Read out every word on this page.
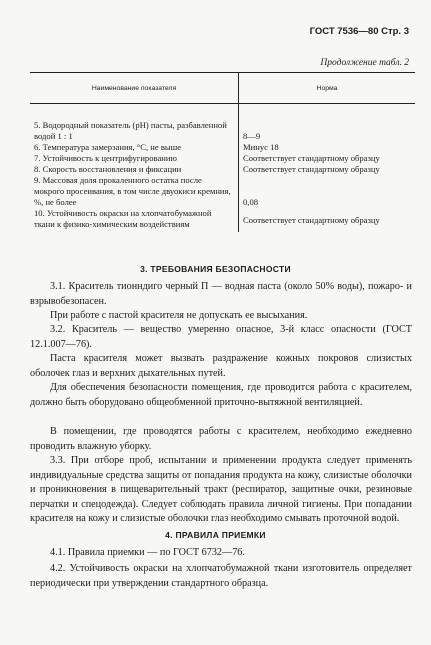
ГОСТ 7536—80 Стр. 3
Продолжение табл. 2
Наименование показателя	Норма

5. Водородный показатель (рН) пасты, разбавленной водой 1 : 1	8—9
6. Температура замерзания, °С, не выше	Минус 18
7. Устойчивость к центрифугированию	Соответствует стандартному образцу
8. Скорость восстановления и фиксации	Соответствует стандартному образцу
9. Массовая доля прокаленного остатка после мокрого просеивания, в том числе двуокиси кремния, %, не более	0,08
10. Устойчивость окраски на хлопчатобумажной ткани к физико-химическим воздействиям	Соответствует стандартному образцу
3. ТРЕБОВАНИЯ БЕЗОПАСНОСТИ

3.1. Краситель тионндиго черный П — водная паста (около 50% воды), пожаро- и взрывобезопасен.

При работе с пастой красителя не допускать ее высыхания.

3.2. Краситель — вещество умеренно опасное, 3-й класс опасности (ГОСТ 12.1.007—76).

Паста красителя может вызвать раздражение кожных покровов слизистых оболочек глаз и верхних дыхательных путей.

Для обеспечения безопасности помещения, где проводится работа с красителем, должно быть оборудовано общеобменной приточно-вытяжной вентиляцией.

В помещении, где проводятся работы с красителем, необходимо ежедневно проводить влажную уборку.

3.3. При отборе проб, испытании и применении продукта следует применять индивидуальные средства защиты от попадания продукта на кожу, слизистые оболочки и проникновения в пищеварительный тракт (респиратор, защитные очки, резиновые перчатки и спецодежда). Следует соблюдать правила личной гигиены. При попадании красителя на кожу и слизистые оболочки глаз необходимо смывать проточной водой.

4. ПРАВИЛА ПРИЕМКИ

4.1. Правила приемки — по ГОСТ 6732—76.

4.2. Устойчивость окраски на хлопчатобумажной ткани изготовитель определяет периодически при утверждении стандартного образца.
